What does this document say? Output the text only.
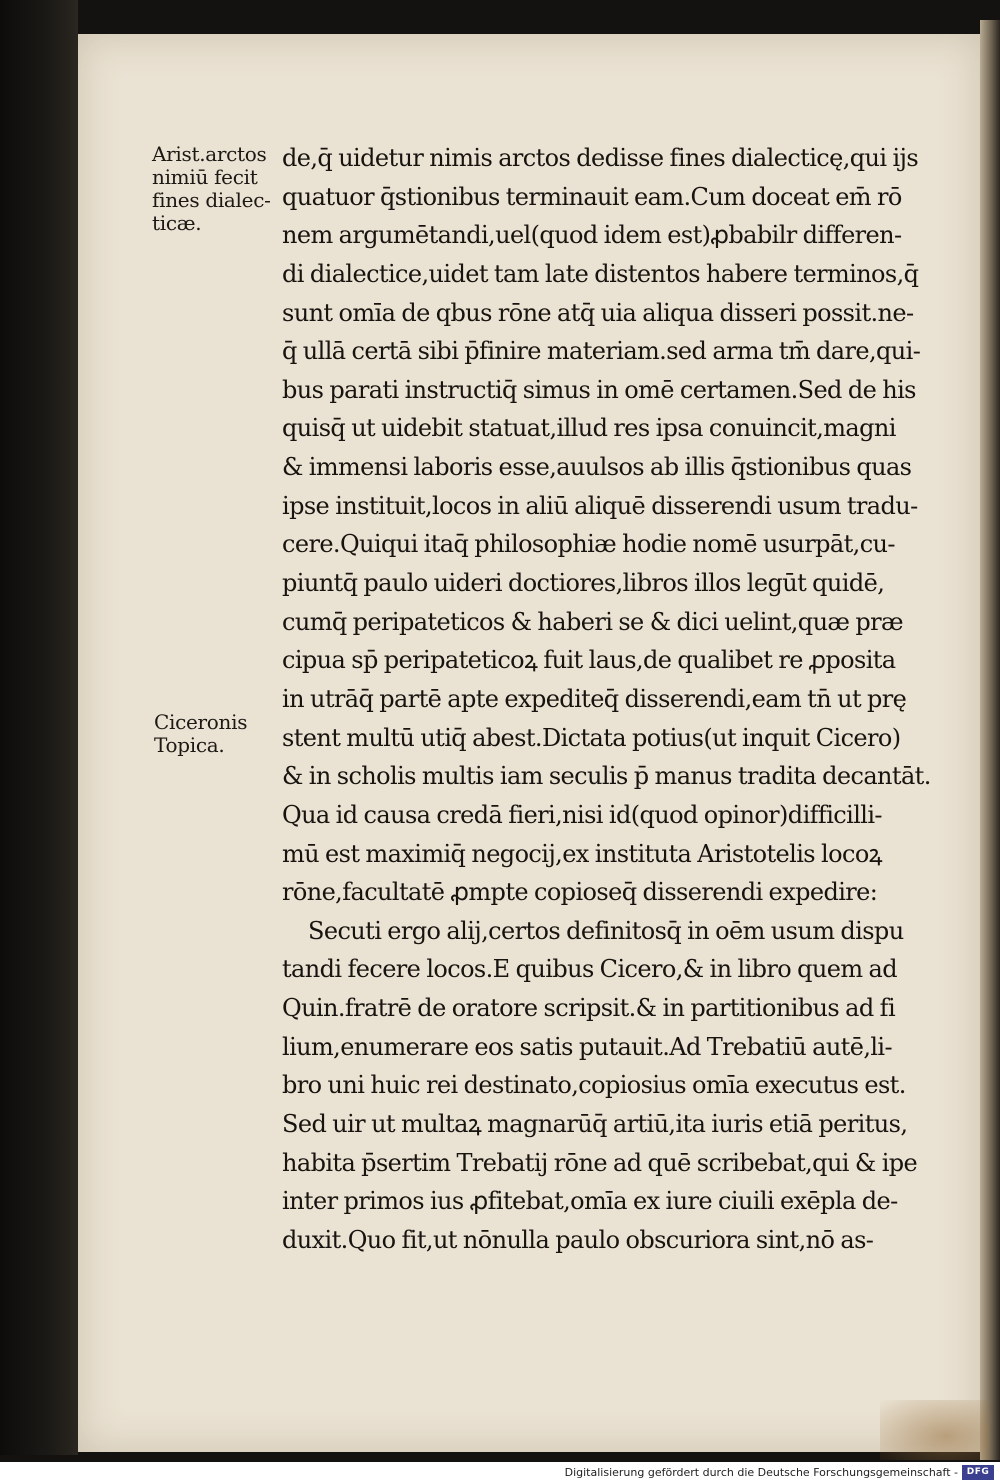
Arist.arctos
nimiū fecit
fines dialec-
ticæ.
Ciceronis
Topica.
de,q̄ uidetur nimis arctos dedisse fines dialecticę,qui ijs
quatuor q̄stionibus terminauit eam.Cum doceat em̄ rō
nem argumētandi,uel(quod idem est)ꝓbabilr differen-
di dialectice,uidet tam late distentos habere terminos,q̄
sunt omīa de qbus rōne atq̄ uia aliqua disseri possit.ne-
q̄ ullā certā sibi p̄finire materiam.sed arma tm̄ dare,qui-
bus parati instructiq̄ simus in omē certamen.Sed de his
quisq̄ ut uidebit statuat,illud res ipsa conuincit,magni
& immensi laboris esse,auulsos ab illis q̄stionibus quas
ipse instituit,locos in aliū aliquē disserendi usum tradu-
cere.Quiqui itaq̄ philosophiæ hodie nomē usurpāt,cu-
piuntq̄ paulo uideri doctiores,libros illos legūt quidē,
cumq̄ peripateticos & haberi se & dici uelint,quæ præ
cipua sp̄ peripateticoꝝ fuit laus,de qualibet re ꝓposita
in utrāq̄ partē apte expediteq̄ disserendi,eam tn̄ ut prę
stent multū utiq̄ abest.Dictata potius(ut inquit Cicero)
& in scholis multis iam seculis p̄ manus tradita decantāt.
Qua id causa credā fieri,nisi id(quod opinor)difficilli-
mū est maximiq̄ negocij,ex instituta Aristotelis locoꝝ
rōne,facultatē ꝓmpte copioseq̄ disserendi expedire:
Secuti ergo alij,certos definitosq̄ in oēm usum dispu
tandi fecere locos.E quibus Cicero,& in libro quem ad
Quin.fratrē de oratore scripsit.& in partitionibus ad fi
lium,enumerare eos satis putauit.Ad Trebatiū autē,li-
bro uni huic rei destinato,copiosius omīa executus est.
Sed uir ut multaꝝ magnarūq̄ artiū,ita iuris etiā peritus,
habita p̄sertim Trebatij rōne ad quē scribebat,qui & ipe
inter primos ius ꝓfitebat,omīa ex iure ciuili exēpla de-
duxit.Quo fit,ut nōnulla paulo obscuriora sint,nō as-
Digitalisierung gefördert durch die Deutsche Forschungsgemeinschaft - DFG
